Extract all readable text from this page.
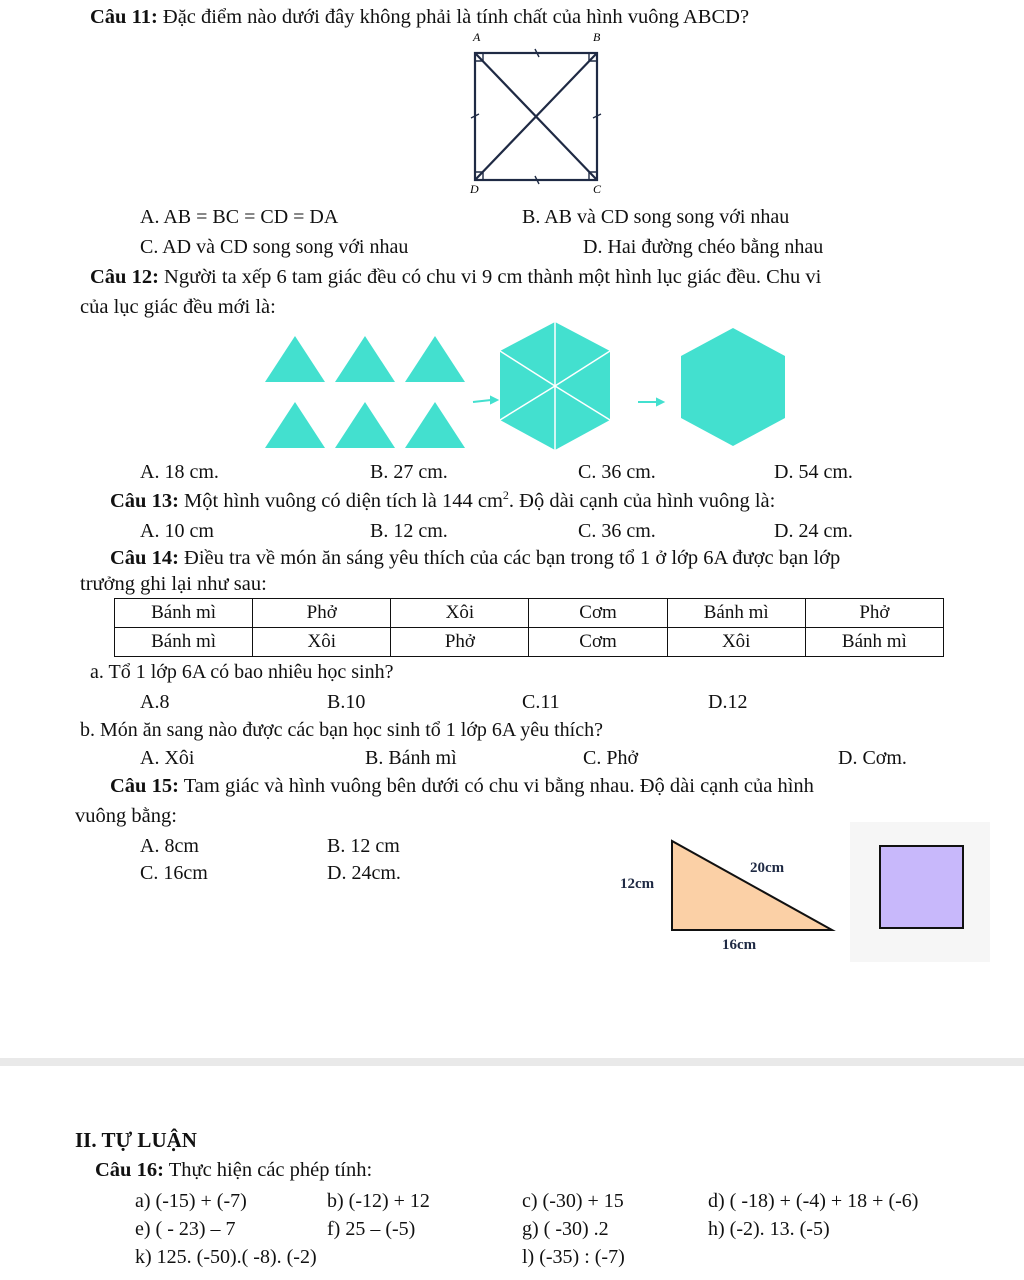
Câu 11: Đặc điểm nào dưới đây không phải là tính chất của hình vuông ABCD?
A	B
D	C
A. AB = BC = CD = DA	B. AB và CD song song với nhau
C. AD và CD song song với nhau	D. Hai đường chéo bằng nhau
Câu 12: Người ta xếp 6 tam giác đều có chu vi 9 cm thành một hình lục giác đều. Chu vi
của lục giác đều mới là:
A. 18 cm.	B. 27 cm.	C. 36 cm.	D. 54 cm.
Câu 13: Một hình vuông có diện tích là 144 $cm^2$. Độ dài cạnh của hình vuông là:
A. 10 cm	B. 12 cm.	C. 36 cm.	D. 24 cm.
Câu 14: Điều tra về món ăn sáng yêu thích của các bạn trong tổ 1 ở lớp 6A được bạn lớp
trưởng ghi lại như sau:
Bánh mì	Phở	Xôi	Cơm	Bánh mì	Phở
Bánh mì	Xôi	Phở	Cơm	Xôi	Bánh mì
a. Tổ 1 lớp 6A có bao nhiêu học sinh?
A.8	B.10	C.11	D.12
b. Món ăn sang nào được các bạn học sinh tổ 1 lớp 6A yêu thích?
A. Xôi	B. Bánh mì	C. Phở	D. Cơm.
Câu 15: Tam giác và hình vuông bên dưới có chu vi bằng nhau. Độ dài cạnh của hình
vuông bằng:
A. 8cm	B. 12 cm
C. 16cm	D. 24cm.	12cm
20cm
16cm
II. TỰ LUẬN
Câu 16: Thực hiện các phép tính:
a) (-15) + (-7)	b) (-12) + 12	c) (-30) + 15	d) ( -18) + (-4) + 18 + (-6)
e) ( - 23) – 7	f) 25 – (-5)	g) ( -30) .2	h) (-2). 13. (-5)
k) 125. (-50).( -8). (-2)	l) (-35) : (-7)
